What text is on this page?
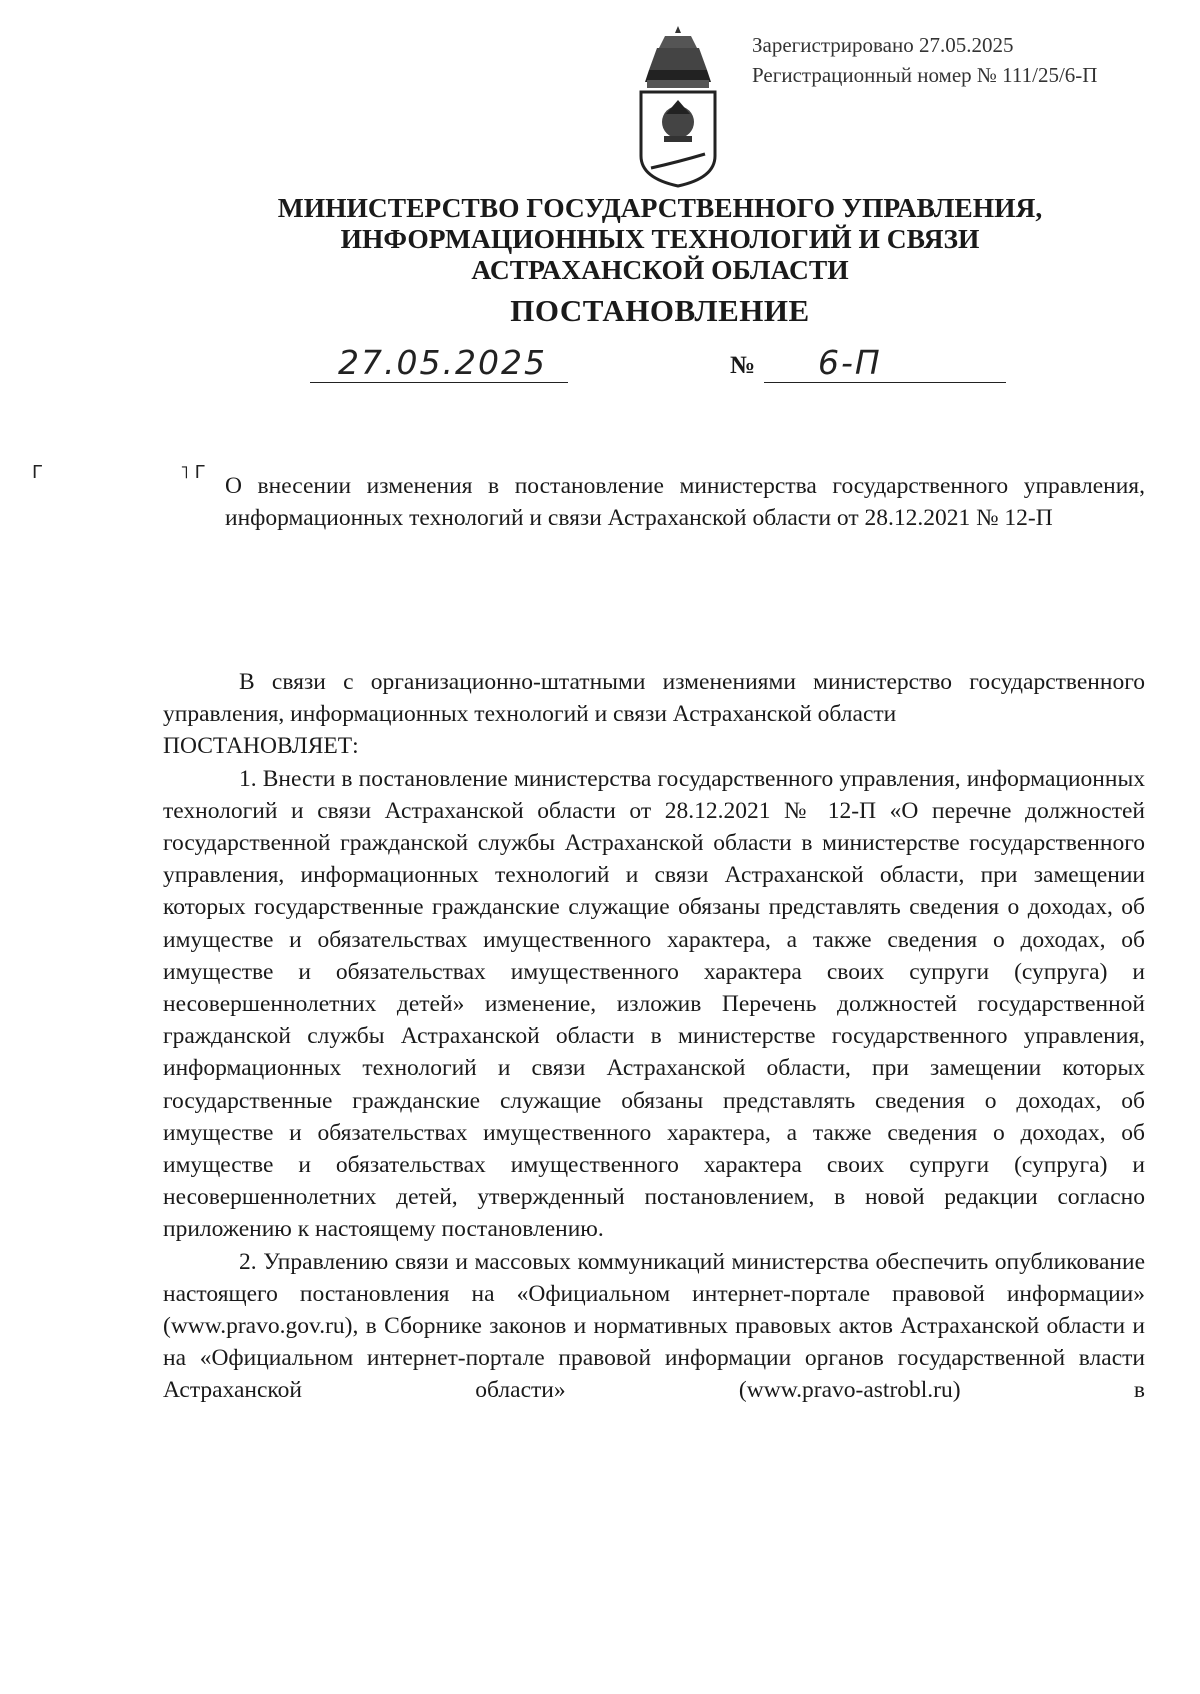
Зарегистрировано 27.05.2025
Регистрационный номер № 111/25/6-П
МИНИСТЕРСТВО ГОСУДАРСТВЕННОГО УПРАВЛЕНИЯ,
ИНФОРМАЦИОННЫХ ТЕХНОЛОГИЙ И СВЯЗИ
АСТРАХАНСКОЙ ОБЛАСТИ
ПОСТАНОВЛЕНИЕ
27.05.2025	№ 6-П
Г	˥ Г
О внесении изменения в постановление министерства государственного управления, информационных технологий и связи Астраханской области от 28.12.2021 № 12-П

В связи с организационно-штатными изменениями министерство государственного управления, информационных технологий и связи Астраханской области

ПОСТАНОВЛЯЕТ:

1. Внести в постановление министерства государственного управления, информационных технологий и связи Астраханской области от 28.12.2021 № 12-П «О перечне должностей государственной гражданской службы Астраханской области в министерстве государственного управления, информационных технологий и связи Астраханской области, при замещении которых государственные гражданские служащие обязаны представлять сведения о доходах, об имуществе и обязательствах имущественного характера, а также сведения о доходах, об имуществе и обязательствах имущественного характера своих супруги (супруга) и несовершеннолетних детей» изменение, изложив Перечень должностей государственной гражданской службы Астраханской области в министерстве государственного управления, информационных технологий и связи Астраханской области, при замещении которых государственные гражданские служащие обязаны представлять сведения о доходах, об имуществе и обязательствах имущественного характера, а также сведения о доходах, об имуществе и обязательствах имущественного характера своих супруги (супруга) и несовершеннолетних детей, утвержденный постановлением, в новой редакции согласно приложению к настоящему постановлению.

2. Управлению связи и массовых коммуникаций министерства обеспечить опубликование настоящего постановления на «Официальном интернет-портале правовой информации» (www.pravo.gov.ru), в Сборнике законов и нормативных правовых актов Астраханской области и на «Официальном интернет-портале правовой информации органов государственной власти Астраханской области» (www.pravo-astrobl.ru) в
